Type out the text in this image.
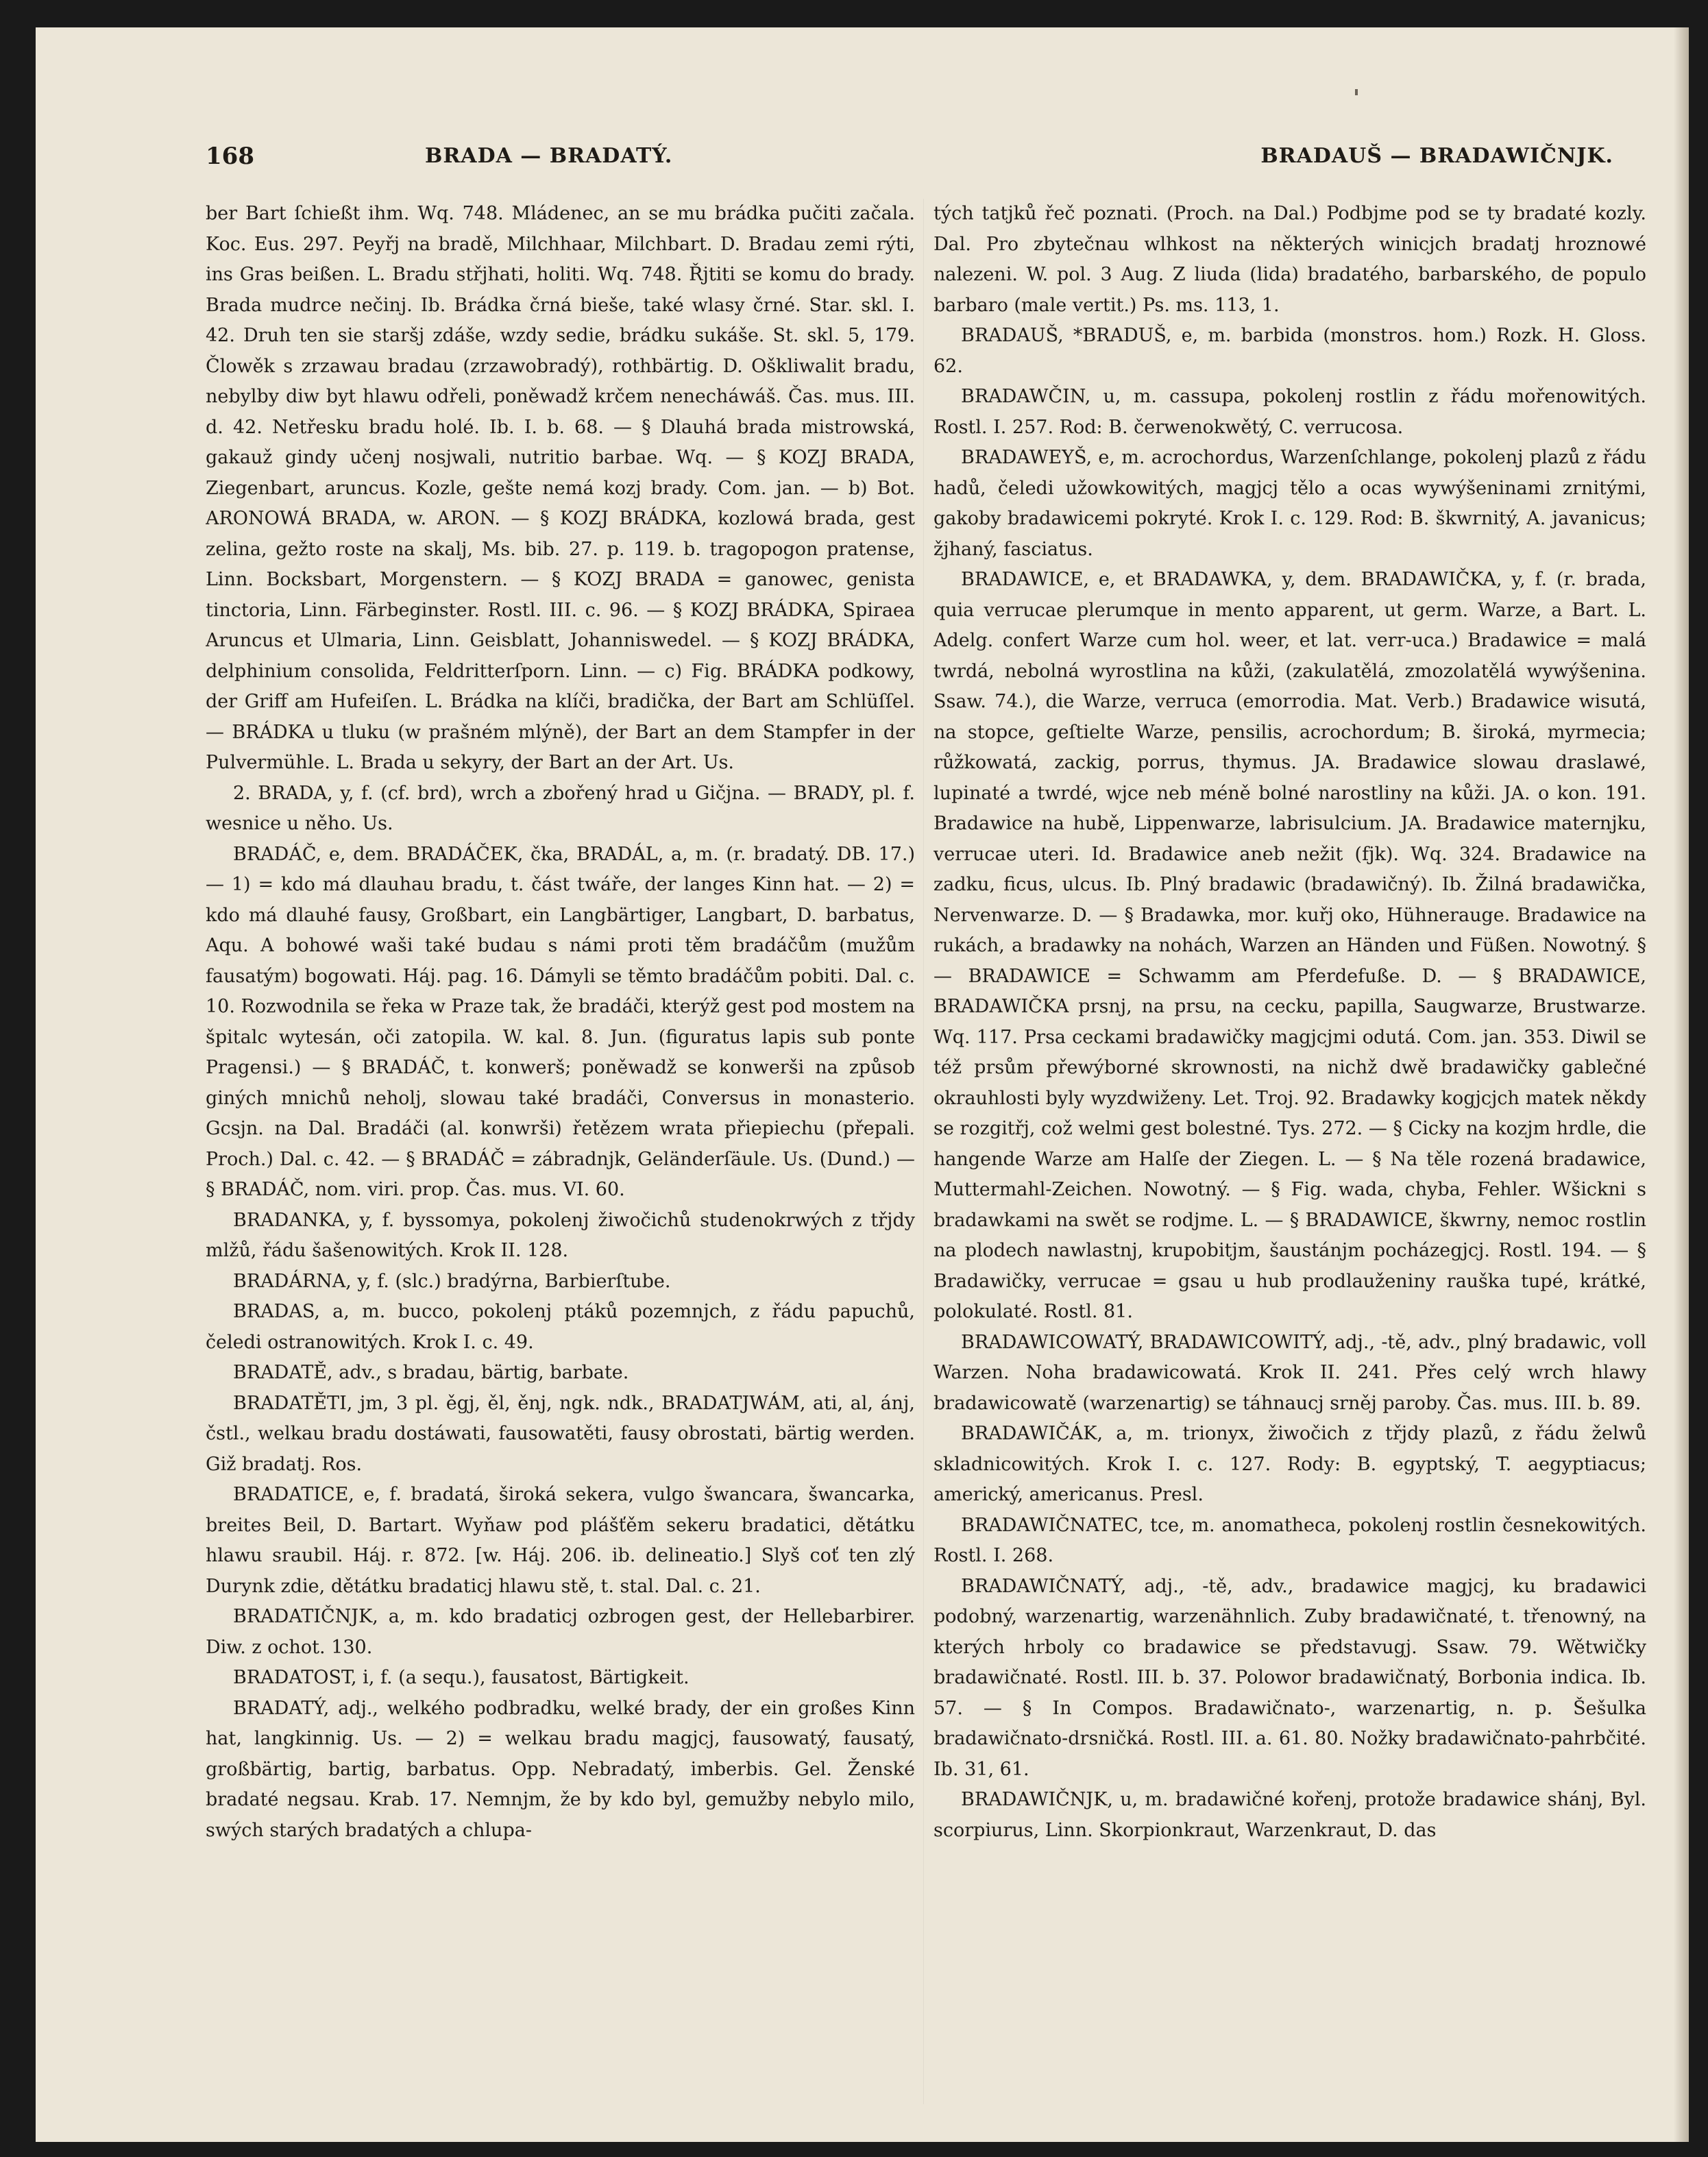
168	BRADA — BRADATÝ.	BRADAUŠ — BRADAWIČNJK.

ber Bart ſchießt ihm. Wq. 748. Mládenec, an se mu brádka pučiti začala. Koc. Eus. 297. Peyřj na bradě, Milchhaar, Milchbart. D. Bradau zemi rýti, ins Gras beißen. L. Bradu střjhati, holiti. Wq. 748. Řjtiti se komu do brady. Brada mudrce nečinj. Ib. Brádka črná bieše, také wlasy črné. Star. skl. I. 42. Druh ten sie staršj zdáše, wzdy sedie, brádku sukáše. St. skl. 5, 179. Člowěk s zrzawau bradau (zrzawobradý), rothbärtig. D. Oškliwalit bradu, nebylby diw byt hlawu odřeli, poněwadž krčem nenecháwáš. Čas. mus. III. d. 42. Netřesku bradu holé. Ib. I. b. 68. — § Dlauhá brada mistrowská, gakauž gindy učenj nosjwali, nutritio barbae. Wq. — § KOZJ BRADA, Ziegenbart, aruncus. Kozle, gešte nemá kozj brady. Com. jan. — b) Bot. ARONOWÁ BRADA, w. ARON. — § KOZJ BRÁDKA, kozlowá brada, gest zelina, gežto roste na skalj, Ms. bib. 27. p. 119. b. tragopogon pratense, Linn. Bocksbart, Morgenstern. — § KOZJ BRADA = ganowec, genista tinctoria, Linn. Färbeginster. Rostl. III. c. 96. — § KOZJ BRÁDKA, Spiraea Aruncus et Ulmaria, Linn. Geisblatt, Johanniswedel. — § KOZJ BRÁDKA, delphinium consolida, Feldritterſporn. Linn. — c) Fig. BRÁDKA podkowy, der Griff am Hufeiſen. L. Brádka na klíči, bradička, der Bart am Schlüſſel. — BRÁDKA u tluku (w prašném mlýně), der Bart an dem Stampfer in der Pulvermühle. L. Brada u sekyry, der Bart an der Art. Us.

2. BRADA, y, f. (cf. brd), wrch a zbořený hrad u Gičjna. — BRADY, pl. f. wesnice u něho. Us.

BRADÁČ, e, dem. BRADÁČEK, čka, BRADÁL, a, m. (r. bradatý. DB. 17.) — 1) = kdo má dlauhau bradu, t. část twáře, der langes Kinn hat. — 2) = kdo má dlauhé fausy, Großbart, ein Langbärtiger, Langbart, D. barbatus, Aqu. A bohowé waši také budau s námi proti těm bradáčům (mužům fausatým) bogowati. Háj. pag. 16. Dámyli se těmto bradáčům pobiti. Dal. c. 10. Rozwodnila se řeka w Praze tak, že bradáči, kterýž gest pod mostem na špitalc wytesán, oči zatopila. W. kal. 8. Jun. (figuratus lapis sub ponte Pragensi.) — § BRADÁČ, t. konwerš; poněwadž se konwerši na způsob giných mnichů neholj, slowau také bradáči, Conversus in monasterio. Gcsjn. na Dal. Bradáči (al. konwrši) řetězem wrata přiepiechu (přepali. Proch.) Dal. c. 42. — § BRADÁČ = zábradnjk, Geländerſäule. Us. (Dund.) — § BRADÁČ, nom. viri. prop. Čas. mus. VI. 60.

BRADANKA, y, f. byssomya, pokolenj žiwočichů studenokrwých z třjdy mlžů, řádu šašenowitých. Krok II. 128.

BRADÁRNA, y, f. (slc.) bradýrna, Barbierſtube.

BRADAS, a, m. bucco, pokolenj ptáků pozemnjch, z řádu papuchů, čeledi ostranowitých. Krok I. c. 49.

BRADATĚ, adv., s bradau, bärtig, barbate.

BRADATĚTI, jm, 3 pl. ěgj, ěl, ěnj, ngk. ndk., BRADATJWÁM, ati, al, ánj, čstl., welkau bradu dostáwati, fausowatěti, fausy obrostati, bärtig werden. Giž bradatj. Ros.

BRADATICE, e, f. bradatá, široká sekera, vulgo šwancara, šwancarka, breites Beil, D. Bartart. Wyňaw pod plášťěm sekeru bradatici, dětátku hlawu sraubil. Háj. r. 872. [w. Háj. 206. ib. delineatio.] Slyš coť ten zlý Durynk zdie, dětátku bradaticj hlawu stě, t. stal. Dal. c. 21.

BRADATIČNJK, a, m. kdo bradaticj ozbrogen gest, der Hellebarbirer. Diw. z ochot. 130.

BRADATOST, i, f. (a sequ.), fausatost, Bärtigkeit.

BRADATÝ, adj., welkého podbradku, welké brady, der ein großes Kinn hat, langkinnig. Us. — 2) = welkau bradu magjcj, fausowatý, fausatý, großbärtig, bartig, barbatus. Opp. Nebradatý, imberbis. Gel. Ženské bradaté negsau. Krab. 17. Nemnjm, že by kdo byl, gemužby nebylo milo, swých starých bradatých a chlupa-

tých tatjků řeč poznati. (Proch. na Dal.) Podbjme pod se ty bradaté kozly. Dal. Pro zbytečnau wlhkost na některých winicjch bradatj hroznowé nalezeni. W. pol. 3 Aug. Z liuda (lida) bradatého, barbarského, de populo barbaro (male vertit.) Ps. ms. 113, 1.

BRADAUŠ, *BRADUŠ, e, m. barbida (monstros. hom.) Rozk. H. Gloss. 62.

BRADAWČIN, u, m. cassupa, pokolenj rostlin z řádu mořenowitých. Rostl. I. 257. Rod: B. čerwenokwětý, C. verrucosa.

BRADAWEYŠ, e, m. acrochordus, Warzenſchlange, pokolenj plazů z řádu hadů, čeledi užowkowitých, magjcj tělo a ocas wywýšeninami zrnitými, gakoby bradawicemi pokryté. Krok I. c. 129. Rod: B. škwrnitý, A. javanicus; žjhaný, fasciatus.

BRADAWICE, e, et BRADAWKA, y, dem. BRADAWIČKA, y, f. (r. brada, quia verrucae plerumque in mento apparent, ut germ. Warze, a Bart. L. Adelg. confert Warze cum hol. weer, et lat. verr-uca.) Bradawice = malá twrdá, nebolná wyrostlina na kůži, (zakulatělá, zmozolatělá wywýšenina. Ssaw. 74.), die Warze, verruca (emorrodia. Mat. Verb.) Bradawice wisutá, na stopce, geſtielte Warze, pensilis, acrochordum; B. široká, myrmecia; růžkowatá, zackig, porrus, thymus. JA. Bradawice slowau draslawé, lupinaté a twrdé, wjce neb méně bolné narostliny na kůži. JA. o kon. 191. Bradawice na hubě, Lippenwarze, labrisulcium. JA. Bradawice maternjku, verrucae uteri. Id. Bradawice aneb nežit (fjk). Wq. 324. Bradawice na zadku, ficus, ulcus. Ib. Plný bradawic (bradawičný). Ib. Žilná bradawička, Nervenwarze. D. — § Bradawka, mor. kuřj oko, Hühnerauge. Bradawice na rukách, a bradawky na nohách, Warzen an Händen und Füßen. Nowotný. § — BRADAWICE = Schwamm am Pferdefuße. D. — § BRADAWICE, BRADAWIČKA prsnj, na prsu, na cecku, papilla, Saugwarze, Brustwarze. Wq. 117. Prsa ceckami bradawičky magjcjmi odutá. Com. jan. 353. Diwil se též prsům přewýborné skrownosti, na nichž dwě bradawičky gablečné okrauhlosti byly wyzdwiženy. Let. Troj. 92. Bradawky kogjcjch matek někdy se rozgitřj, což welmi gest bolestné. Tys. 272. — § Cicky na kozjm hrdle, die hangende Warze am Halſe der Ziegen. L. — § Na těle rozená bradawice, Muttermahl-Zeichen. Nowotný. — § Fig. wada, chyba, Fehler. Wšickni s bradawkami na swět se rodjme. L. — § BRADAWICE, škwrny, nemoc rostlin na plodech nawlastnj, krupobitjm, šaustánjm pocházegjcj. Rostl. 194. — § Bradawičky, verrucae = gsau u hub prodlauženiny rauška tupé, krátké, polokulaté. Rostl. 81.

BRADAWICOWATÝ, BRADAWICOWITÝ, adj., -tě, adv., plný bradawic, voll Warzen. Noha bradawicowatá. Krok II. 241. Přes celý wrch hlawy bradawicowatě (warzenartig) se táhnaucj srněj paroby. Čas. mus. III. b. 89.

BRADAWIČÁK, a, m. trionyx, žiwočich z třjdy plazů, z řádu želwů skladnicowitých. Krok I. c. 127. Rody: B. egyptský, T. aegyptiacus; americký, americanus. Presl.

BRADAWIČNATEC, tce, m. anomatheca, pokolenj rostlin česnekowitých. Rostl. I. 268.

BRADAWIČNATÝ, adj., -tě, adv., bradawice magjcj, ku bradawici podobný, warzenartig, warzenähnlich. Zuby bradawičnaté, t. třenowný, na kterých hrboly co bradawice se představugj. Ssaw. 79. Wětwičky bradawičnaté. Rostl. III. b. 37. Polowor bradawičnatý, Borbonia indica. Ib. 57. — § In Compos. Bradawičnato-, warzenartig, n. p. Šešulka bradawičnato-drsničká. Rostl. III. a. 61. 80. Nožky bradawičnato-pahrbčité. Ib. 31, 61.

BRADAWIČNJK, u, m. bradawičné kořenj, protože bradawice shánj, Byl. scorpiurus, Linn. Skorpionkraut, Warzenkraut, D. das
